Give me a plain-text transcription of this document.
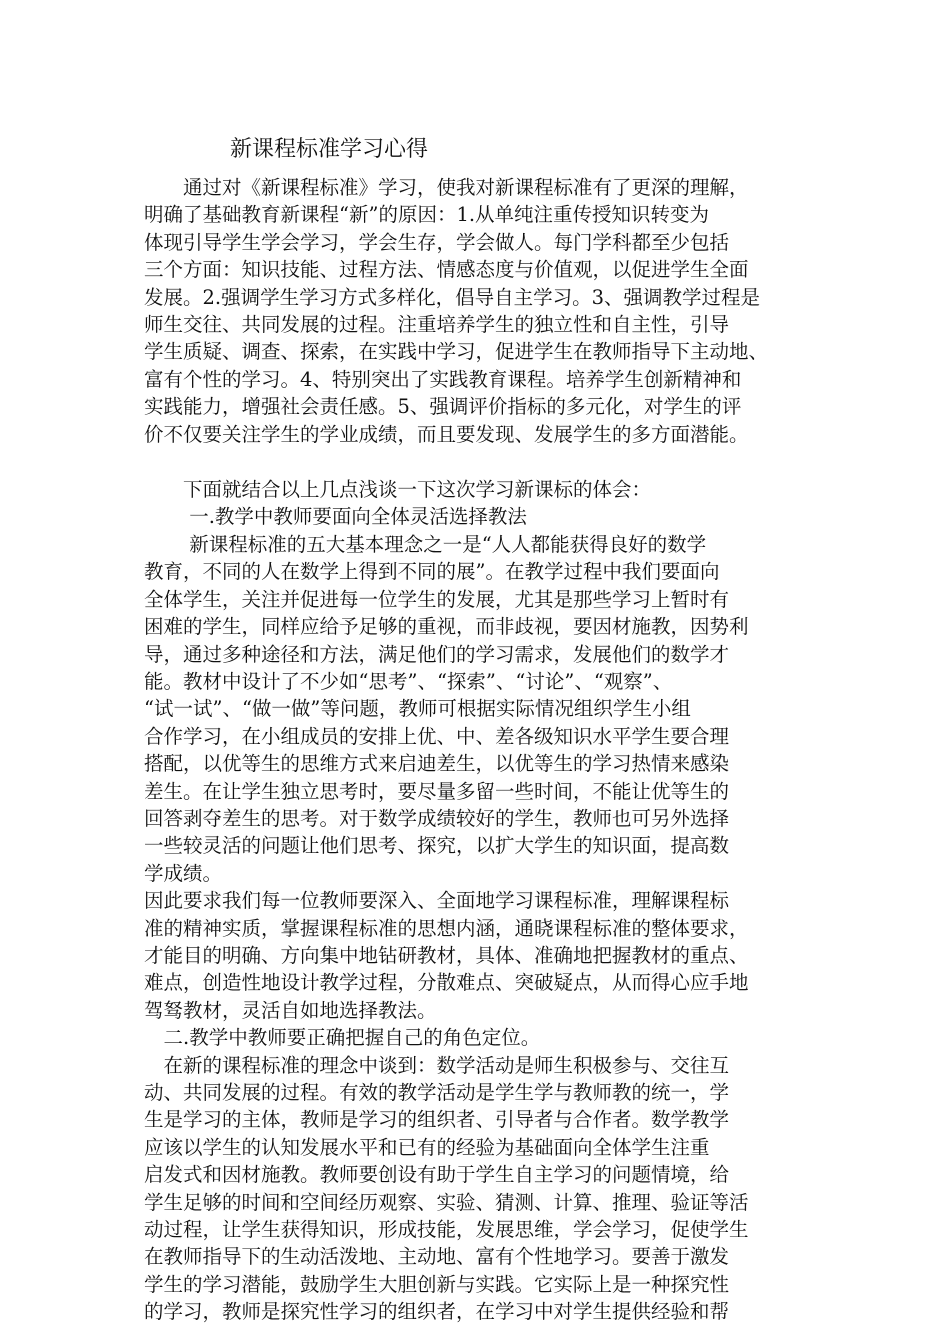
新课程标准学习心得

　　通过对《新课程标准》学习，使我对新课程标准有了更深的理解，

明确了基础教育新课程“新”的原因：1.从单纯注重传授知识转变为

体现引导学生学会学习，学会生存，学会做人。每门学科都至少包括

三个方面：知识技能、过程方法、情感态度与价值观，以促进学生全面

发展。2.强调学生学习方式多样化，倡导自主学习。3、强调教学过程是

师生交往、共同发展的过程。注重培养学生的独立性和自主性，引导

学生质疑、调查、探索，在实践中学习，促进学生在教师指导下主动地、

富有个性的学习。4、特别突出了实践教育课程。培养学生创新精神和

实践能力，增强社会责任感。5、强调评价指标的多元化，对学生的评

价不仅要关注学生的学业成绩，而且要发现、发展学生的多方面潜能。

　　下面就结合以上几点浅谈一下这次学习新课标的体会：

　　 一.教学中教师要面向全体灵活选择教法

　　 新课程标准的五大基本理念之一是“人人都能获得良好的数学

教育，不同的人在数学上得到不同的展”。在教学过程中我们要面向

全体学生，关注并促进每一位学生的发展，尤其是那些学习上暂时有

困难的学生，同样应给予足够的重视，而非歧视，要因材施教，因势利

导，通过多种途径和方法，满足他们的学习需求，发展他们的数学才

能。教材中设计了不少如“思考”、“探索”、“讨论”、“观察”、

“试一试”、“做一做”等问题，教师可根据实际情况组织学生小组

合作学习，在小组成员的安排上优、中、差各级知识水平学生要合理

搭配，以优等生的思维方式来启迪差生，以优等生的学习热情来感染

差生。在让学生独立思考时，要尽量多留一些时间，不能让优等生的

回答剥夺差生的思考。对于数学成绩较好的学生，教师也可另外选择

一些较灵活的问题让他们思考、探究，以扩大学生的知识面，提高数

学成绩。

因此要求我们每一位教师要深入、全面地学习课程标准，理解课程标

准的精神实质，掌握课程标准的思想内涵，通晓课程标准的整体要求，

才能目的明确、方向集中地钻研教材，具体、准确地把握教材的重点、

难点，创造性地设计教学过程，分散难点、突破疑点，从而得心应手地

驾驽教材，灵活自如地选择教法。

　二.教学中教师要正确把握自己的角色定位。

　在新的课程标准的理念中谈到：数学活动是师生积极参与、交往互

动、共同发展的过程。有效的教学活动是学生学与教师教的统一，学

生是学习的主体，教师是学习的组织者、引导者与合作者。数学教学

应该以学生的认知发展水平和已有的经验为基础面向全体学生注重

启发式和因材施教。教师要创设有助于学生自主学习的问题情境，给

学生足够的时间和空间经历观察、实验、猜测、计算、推理、验证等活

动过程，让学生获得知识，形成技能，发展思维，学会学习，促使学生

在教师指导下的生动活泼地、主动地、富有个性地学习。要善于激发

学生的学习潜能，鼓励学生大胆创新与实践。它实际上是一种探究性

的学习，教师是探究性学习的组织者，在学习中对学生提供经验和帮
